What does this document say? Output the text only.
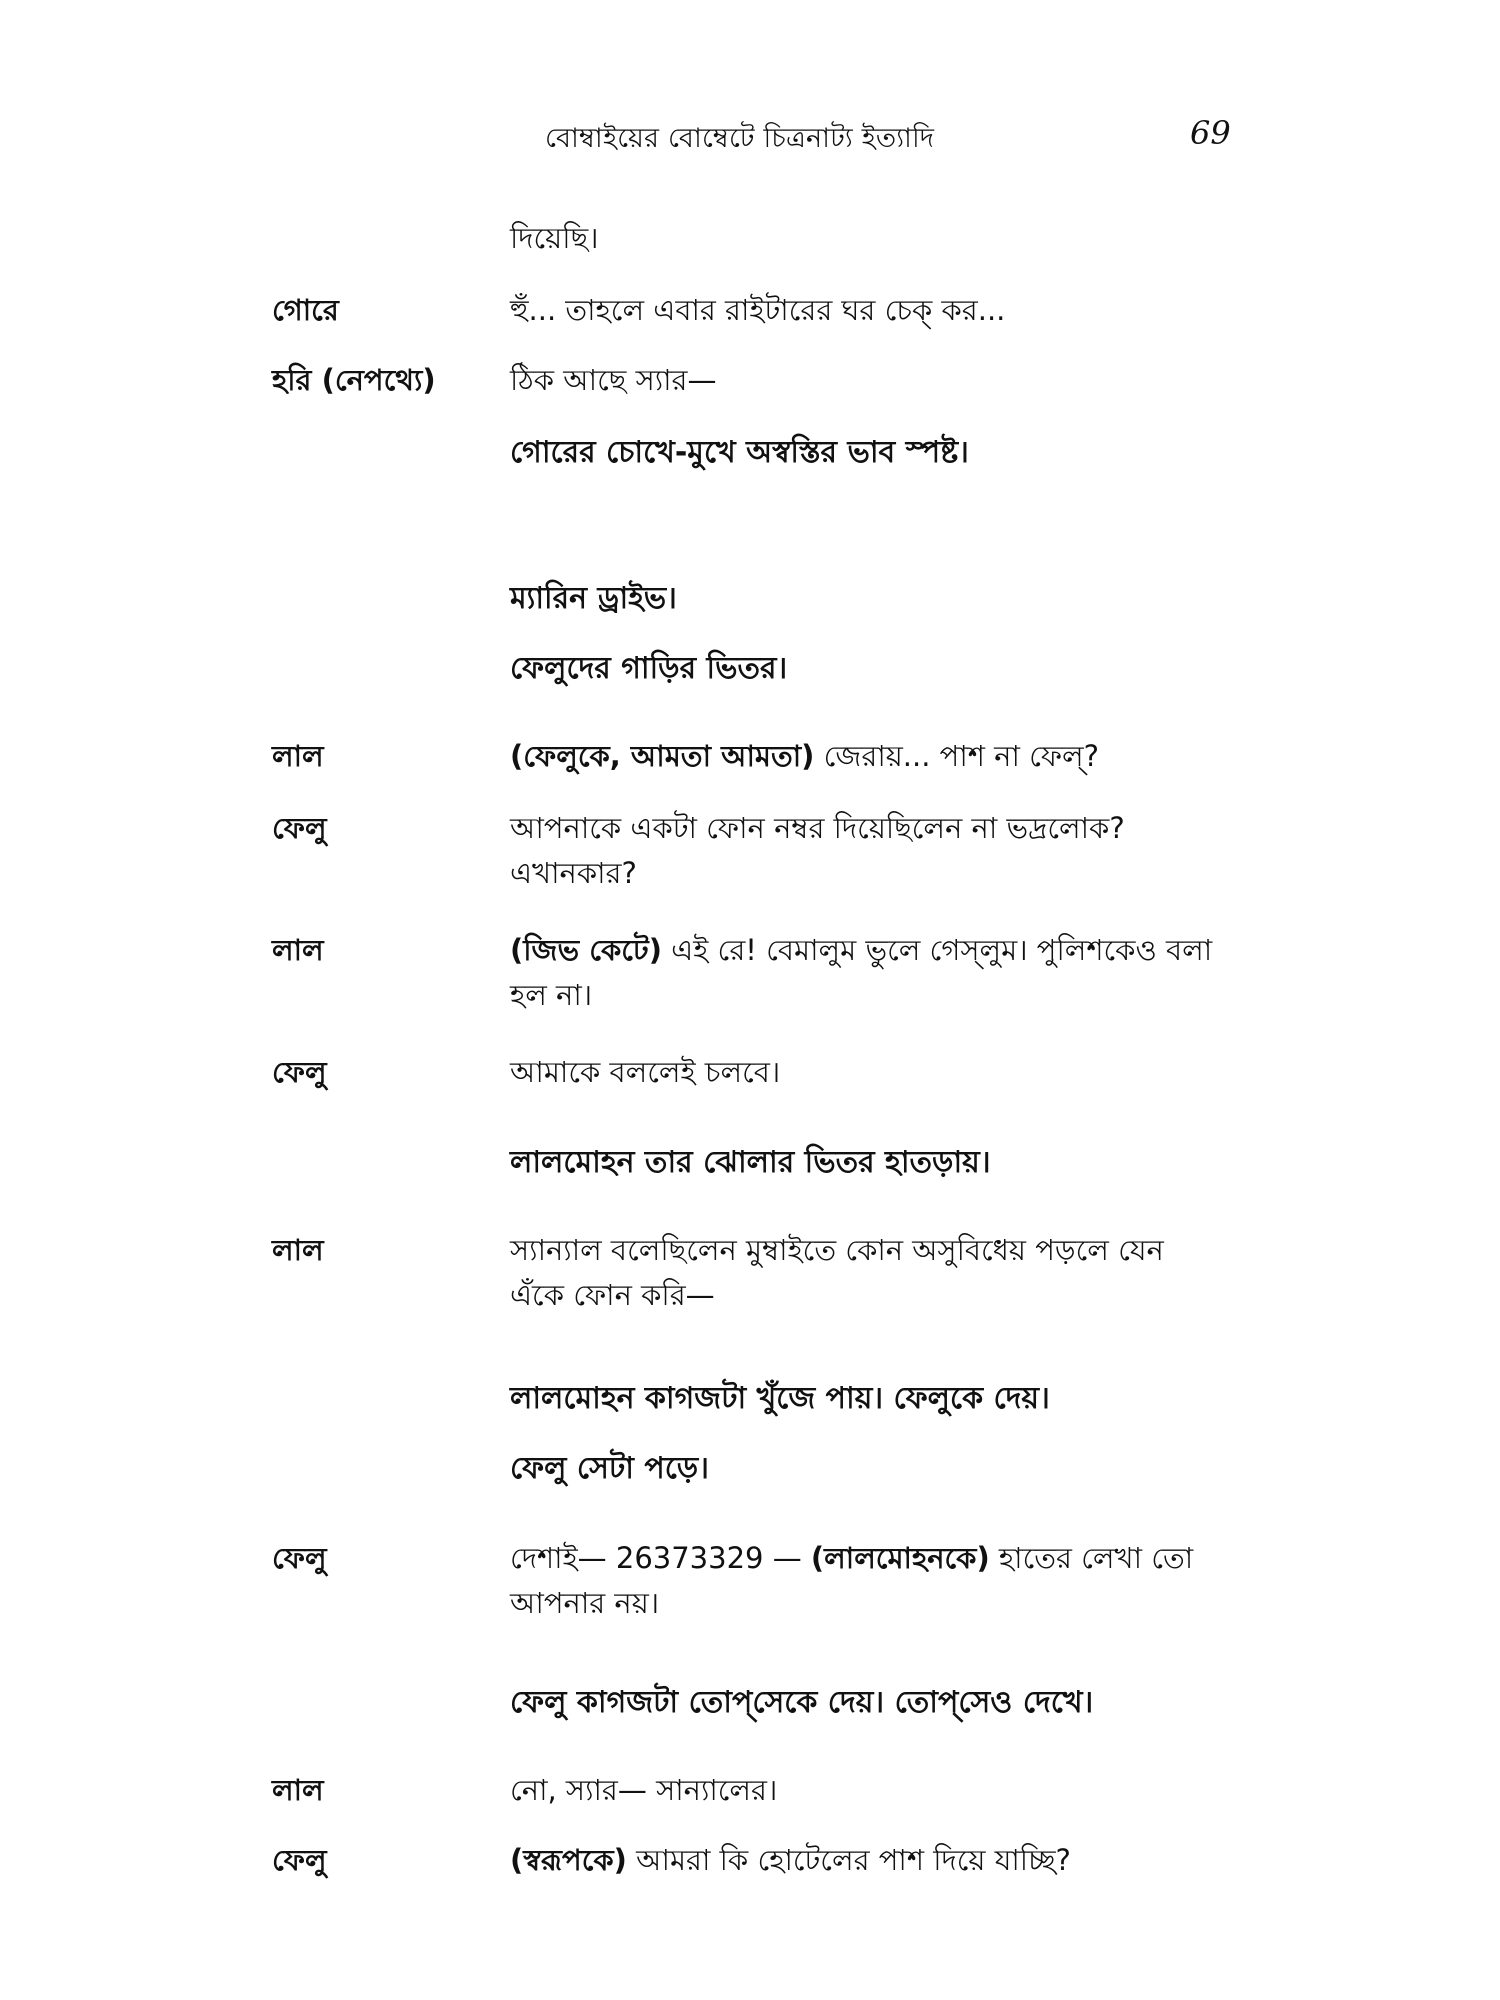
বোম্বাইয়ের বোম্বেটে চিত্রনাট্য ইত্যাদি	69
দিয়েছি।
গোরে	হুঁ... তাহলে এবার রাইটারের ঘর চেক্ কর...
হরি (নেপথ্যে)	ঠিক আছে স্যার—
গোরের চোখে-মুখে অস্বস্তির ভাব স্পষ্ট।
ম্যারিন ড্রাইভ।
ফেলুদের গাড়ির ভিতর।
লাল	(ফেলুকে, আমতা আমতা) জেরায়... পাশ না ফেল্?
ফেলু	আপনাকে একটা ফোন নম্বর দিয়েছিলেন না ভদ্রলোক? এখানকার?
লাল	(জিভ কেটে) এই রে! বেমালুম ভুলে গেস্‌লুম। পুলিশকেও বলা হল না।
ফেলু	আমাকে বললেই চলবে।
লালমোহন তার ঝোলার ভিতর হাতড়ায়।
লাল	স্যান্যাল বলেছিলেন মুম্বাইতে কোন অসুবিধেয় পড়লে যেন এঁকে ফোন করি—
লালমোহন কাগজটা খুঁজে পায়। ফেলুকে দেয়।
ফেলু সেটা পড়ে।
ফেলু	দেশাই— 26373329 — (লালমোহনকে) হাতের লেখা তো আপনার নয়।
ফেলু কাগজটা তোপ্‌সেকে দেয়। তোপ্‌সেও দেখে।
লাল	নো, স্যার— সান্যালের।
ফেলু	(স্বরূপকে) আমরা কি হোটেলের পাশ দিয়ে যাচ্ছি?
